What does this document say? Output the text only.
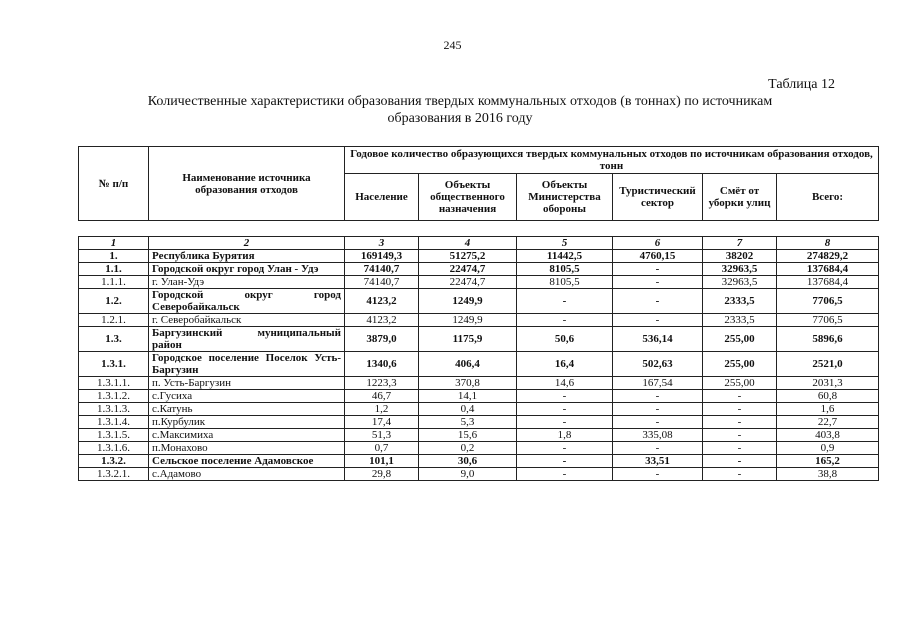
245
Таблица 12
Количественные характеристики образования твердых коммунальных отходов (в тоннах) по источникам
образования в 2016 году
№ п/п	Наименование источника образования отходов	Годовое количество образующихся твердых коммунальных отходов по источникам образования отходов, тонн					
		Население	Объекты общественного назначения	Объекты Министерства обороны	Туристический сектор	Смёт от уборки улиц	Всего:
1	2	3	4	5	6	7	8
1.	Республика Бурятия	169149,3	51275,2	11442,5	4760,15	38202	274829,2
1.1.	Городской округ город Улан - Удэ	74140,7	22474,7	8105,5	-	32963,5	137684,4
1.1.1.	г. Улан-Удэ	74140,7	22474,7	8105,5	-	32963,5	137684,4
1.2.	Городской округ город Северобайкальск	4123,2	1249,9	-	-	2333,5	7706,5
1.2.1.	г. Северобайкальск	4123,2	1249,9	-	-	2333,5	7706,5
1.3.	Баргузинский муниципальный район	3879,0	1175,9	50,6	536,14	255,00	5896,6
1.3.1.	Городское поселение Поселок Усть-Баргузин	1340,6	406,4	16,4	502,63	255,00	2521,0
1.3.1.1.	п. Усть-Баргузин	1223,3	370,8	14,6	167,54	255,00	2031,3
1.3.1.2.	с.Гусиха	46,7	14,1	-	-	-	60,8
1.3.1.3.	с.Катунь	1,2	0,4	-	-	-	1,6
1.3.1.4.	п.Курбулик	17,4	5,3	-	-	-	22,7
1.3.1.5.	с.Максимиха	51,3	15,6	1,8	335,08	-	403,8
1.3.1.6.	п.Монахово	0,7	0,2	-	-	-	0,9
1.3.2.	Сельское поселение Адамовское	101,1	30,6	-	33,51	-	165,2
1.3.2.1.	с.Адамово	29,8	9,0	-	-	-	38,8
